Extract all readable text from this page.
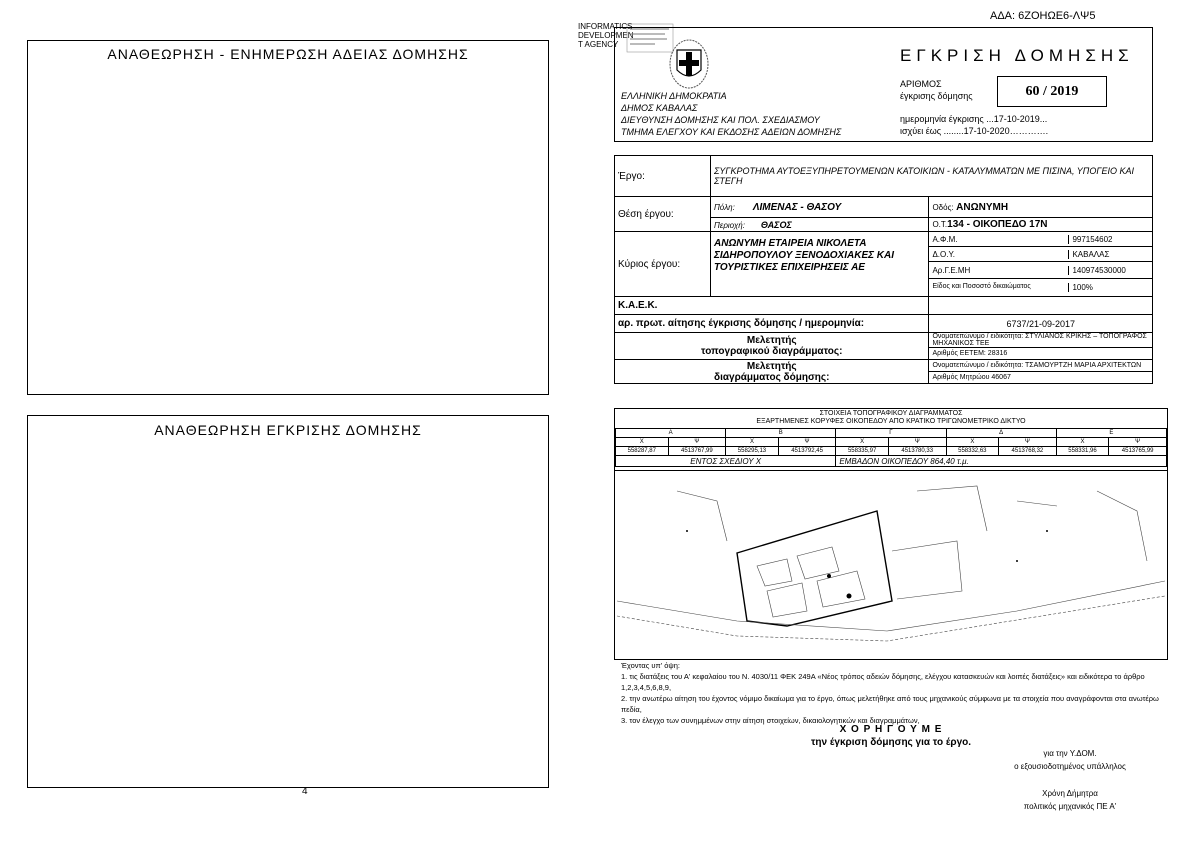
ΑΔΑ: 6ΖΟΗΩΕ6-ΛΨ5
ΑΝΑΘΕΩΡΗΣΗ - ΕΝΗΜΕΡΩΣΗ ΑΔΕΙΑΣ ΔΟΜΗΣΗΣ
ΑΝΑΘΕΩΡΗΣΗ ΕΓΚΡΙΣΗΣ ΔΟΜΗΣΗΣ
4
INFORMATICS
DEVELOPMEN
T AGENCY
ΕΛΛΗΝΙΚΗ ΔΗΜΟΚΡΑΤΙΑ
ΔΗΜΟΣ ΚΑΒΑΛΑΣ
ΔΙΕΥΘΥΝΣΗ ΔΟΜΗΣΗΣ ΚΑΙ ΠΟΛ. ΣΧΕΔΙΑΣΜΟΥ
ΤΜΗΜΑ ΕΛΕΓΧΟΥ ΚΑΙ ΕΚΔΟΣΗΣ ΑΔΕΙΩΝ ΔΟΜΗΣΗΣ
ΕΓΚΡΙΣΗ ΔΟΜΗΣΗΣ
ΑΡΙΘΜΟΣ
έγκρισης δόμησης	60 / 2019
ημερομηνία έγκρισης ...17-10-2019...
ισχύει έως ........17-10-2020………….
Έργο:	ΣΥΓΚΡΟΤΗΜΑ ΑΥΤΟΕΞΥΠΗΡΕΤΟΥΜΕΝΩΝ ΚΑΤΟΙΚΙΩΝ - ΚΑΤΑΛΥΜΜΑΤΩΝ ΜΕ ΠΙΣΙΝΑ, ΥΠΟΓΕΙΟ ΚΑΙ ΣΤΕΓΗ	
Θέση έργου:	Πόλη: ΛΙΜΕΝΑΣ - ΘΑΣΟΥ	Οδός: ΑΝΩΝΥΜΗ
	Περιοχή: ΘΑΣΟΣ	Ο.Τ.134 - ΟΙΚΟΠΕΔΟ 17Ν
Κύριος έργου:	ΑΝΩΝΥΜΗ ΕΤΑΙΡΕΙΑ ΝΙΚΟΛΕΤΑ ΣΙΔΗΡΟΠΟΥΛΟΥ ΞΕΝΟΔΟΧΙΑΚΕΣ ΚΑΙ ΤΟΥΡΙΣΤΙΚΕΣ ΕΠΙΧΕΙΡΗΣΕΙΣ ΑΕ	Α.Φ.Μ. 997154602

		Δ.Ο.Υ. ΚΑΒΑΛΑΣ

		Αρ.Γ.Ε.ΜΗ 140974530000

		Είδος και Ποσοστό δικαιώματος 100%

Κ.Α.Ε.Κ.		
αρ. πρωτ. αίτησης έγκρισης δόμησης / ημερομηνία:		6737/21-09-2017

Μελετητής
τοπογραφικού διαγράμματος:		Ονοματεπώνυμο / ειδικότητα: ΣΤΥΛΙΑΝΟΣ ΚΡΙΚΗΣ – ΤΟΠΟΓΡΑΦΟΣ ΜΗΧΑΝΙΚΟΣ ΤΕΕ
		Αριθμός ΕΕΤΕΜ: 28316

Μελετητής
διαγράμματος δόμησης:		Ονοματεπώνυμο / ειδικότητα: ΤΣΑΜΟΥΡΤΖΗ ΜΑΡΙΑ ΑΡΧΙΤΕΚΤΩΝ
		Αριθμός Μητρώου 46067
ΣΤΟΙΧΕΙΑ ΤΟΠΟΓΡΑΦΙΚΟΥ ΔΙΑΓΡΑΜΜΑΤΟΣ
ΕΞΑΡΤΗΜΕΝΕΣ ΚΟΡΥΦΕΣ ΟΙΚΟΠΕΔΟΥ ΑΠΟ ΚΡΑΤΙΚΟ ΤΡΙΓΩΝΟΜΕΤΡΙΚΟ ΔΙΚΤΥΟ
Α		Β		Γ		Δ		Ε	
Χ	Ψ	Χ	Ψ	Χ	Ψ	Χ	Ψ	Χ	Ψ
558287,87	4513767,99	558295,13	4513792,45	558335,97	4513780,33	558332,63	4513768,32	558331,96	4513765,99
ΕΝΤΟΣ ΣΧΕΔΙΟΥ Χ				ΕΜΒΑΔΟΝ ΟΙΚΟΠΕΔΟΥ 864,40 τ.μ.					
Έχοντας υπ' όψη:
1. τις διατάξεις του Α' κεφαλαίου του Ν. 4030/11 ΦΕΚ 249Α «Νέος τρόπος αδειών δόμησης, ελέγχου κατασκευών και λοιπές διατάξεις» και ειδικότερα το άρθρο 1,2,3,4,5,6,8,9,
2. την ανωτέρω αίτηση του έχοντος νόμιμο δικαίωμα για το έργο, όπως μελετήθηκε από τους μηχανικούς σύμφωνα με τα στοιχεία που αναγράφονται στα ανωτέρω πεδία,
3. τον έλεγχο των συνημμένων στην αίτηση στοιχείων, δικαιολογητικών και διαγραμμάτων,
Χ Ο Ρ Η Γ Ο Υ Μ Ε
την έγκριση δόμησης για το έργο.
για την Υ.ΔΟΜ.
ο εξουσιοδοτημένος υπάλληλος
Χρόνη Δήμητρα
πολιτικός μηχανικός ΠΕ Α'
